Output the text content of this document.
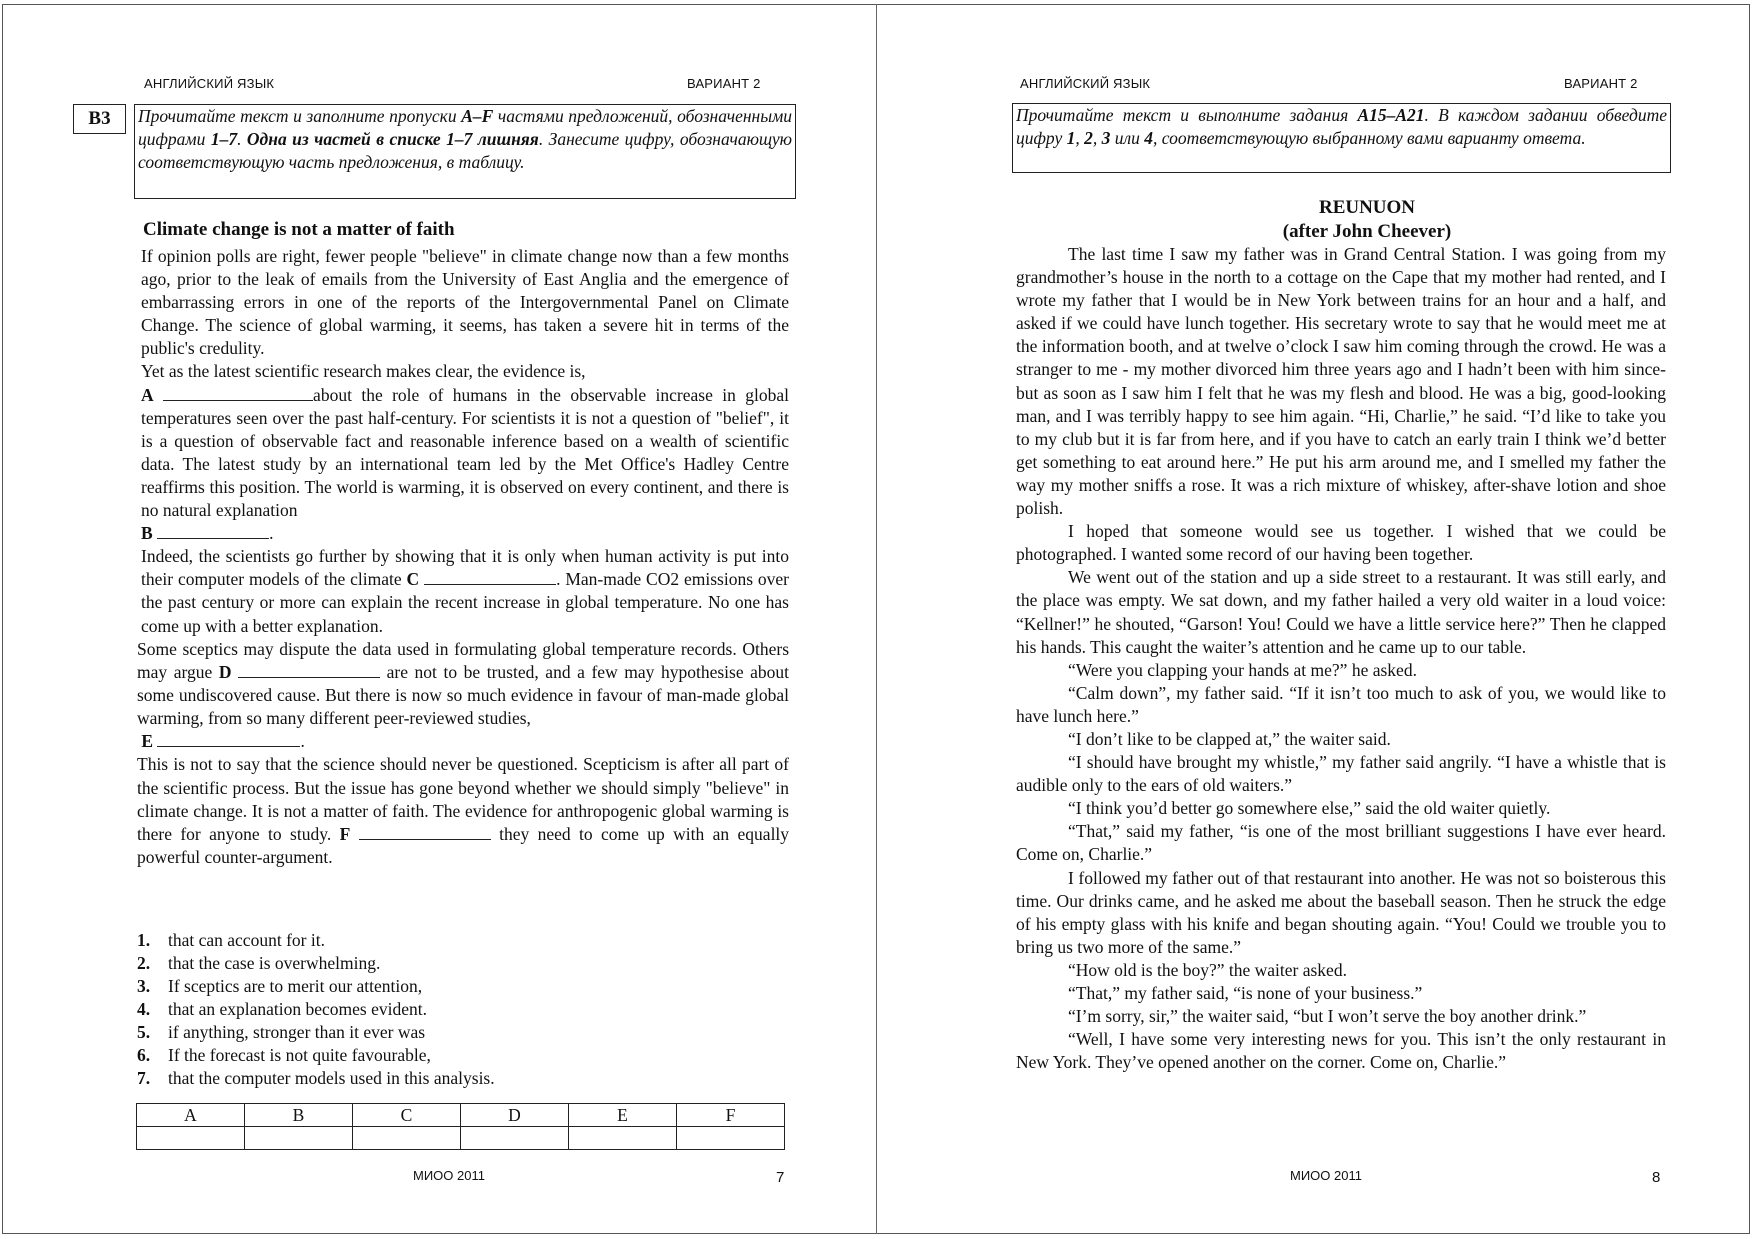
АНГЛИЙСКИЙ ЯЗЫК	ВАРИАНТ 2
B3	Прочитайте текст и заполните пропуски A–F частями предложений, обозначенными цифрами 1–7. Одна из частей в списке 1–7 лишняя. Занесите цифру, обозначающую соответствующую часть предложения, в таблицу.
Climate change is not a matter of faith

If opinion polls are right, fewer people "believe" in climate change now than a few months ago, prior to the leak of emails from the University of East Anglia and the emergence of embarrassing errors in one of the reports of the Intergovernmental Panel on Climate Change. The science of global warming, it seems, has taken a severe hit in terms of the public's credulity.

Yet as the latest scientific research makes clear, the evidence is,
A	about the role of humans in the observable increase in global temperatures seen over the past half-century. For scientists it is not a question of "belief", it is a question of observable fact and reasonable inference based on a wealth of scientific data. The latest study by an international team led by the Met Office's Hadley Centre reaffirms this position. The world is warming, it is observed on every continent, and there is no natural explanation
B	.

Indeed, the scientists go further by showing that it is only when human activity is put into their computer models of the climate C	. Man-made CO2 emissions over the past century or more can explain the recent increase in global temperature. No one has come up with a better explanation.

Some sceptics may dispute the data used in formulating global temperature records. Others may argue D	are not to be trusted, and a few may hypothesise about some undiscovered cause. But there is now so much evidence in favour of man-made global warming, from so many different peer-reviewed studies,
E	.

This is not to say that the science should never be questioned. Scepticism is after all part of the scientific process. But the issue has gone beyond whether we should simply "believe" in climate change. It is not a matter of faith. The evidence for anthropogenic global warming is there for anyone to study. F	they need to come up with an equally powerful counter-argument.

1. that can account for it.
2. that the case is overwhelming.
3. If sceptics are to merit our attention,
4. that an explanation becomes evident.
5. if anything, stronger than it ever was
6. If the forecast is not quite favourable,
7. that the computer models used in this analysis.
A	B	C	D	E	F

МИОО 2011	7
АНГЛИЙСКИЙ ЯЗЫК	ВАРИАНТ 2
Прочитайте текст и выполните задания A15–A21. В каждом задании обведите цифру 1, 2, 3 или 4, соответствующую выбранному вами варианту ответа.
REUNUON
(after John Cheever)

The last time I saw my father was in Grand Central Station. I was going from my grandmother’s house in the north to a cottage on the Cape that my mother had rented, and I wrote my father that I would be in New York between trains for an hour and a half, and asked if we could have lunch together. His secretary wrote to say that he would meet me at the information booth, and at twelve o’clock I saw him coming through the crowd. He was a stranger to me - my mother divorced him three years ago and I hadn’t been with him since-but as soon as I saw him I felt that he was my flesh and blood. He was a big, good-looking man, and I was terribly happy to see him again. “Hi, Charlie,” he said. “I’d like to take you to my club but it is far from here, and if you have to catch an early train I think we’d better get something to eat around here.” He put his arm around me, and I smelled my father the way my mother sniffs a rose. It was a rich mixture of whiskey, after-shave lotion and shoe polish.

I hoped that someone would see us together. I wished that we could be photographed. I wanted some record of our having been together.

We went out of the station and up a side street to a restaurant. It was still early, and the place was empty. We sat down, and my father hailed a very old waiter in a loud voice: “Kellner!” he shouted, “Garson! You! Could we have a little service here?” Then he clapped his hands. This caught the waiter’s attention and he came up to our table.

“Were you clapping your hands at me?” he asked.

“Calm down”, my father said. “If it isn’t too much to ask of you, we would like to have lunch here.”

“I don’t like to be clapped at,” the waiter said.

“I should have brought my whistle,” my father said angrily. “I have a whistle that is audible only to the ears of old waiters.”

“I think you’d better go somewhere else,” said the old waiter quietly.

“That,” said my father, “is one of the most brilliant suggestions I have ever heard. Come on, Charlie.”

I followed my father out of that restaurant into another. He was not so boisterous this time. Our drinks came, and he asked me about the baseball season. Then he struck the edge of his empty glass with his knife and began shouting again. “You! Could we trouble you to bring us two more of the same.”

“How old is the boy?” the waiter asked.

“That,” my father said, “is none of your business.”

“I’m sorry, sir,” the waiter said, “but I won’t serve the boy another drink.”

“Well, I have some very interesting news for you. This isn’t the only restaurant in New York. They’ve opened another on the corner. Come on, Charlie.”

МИОО 2011	8
